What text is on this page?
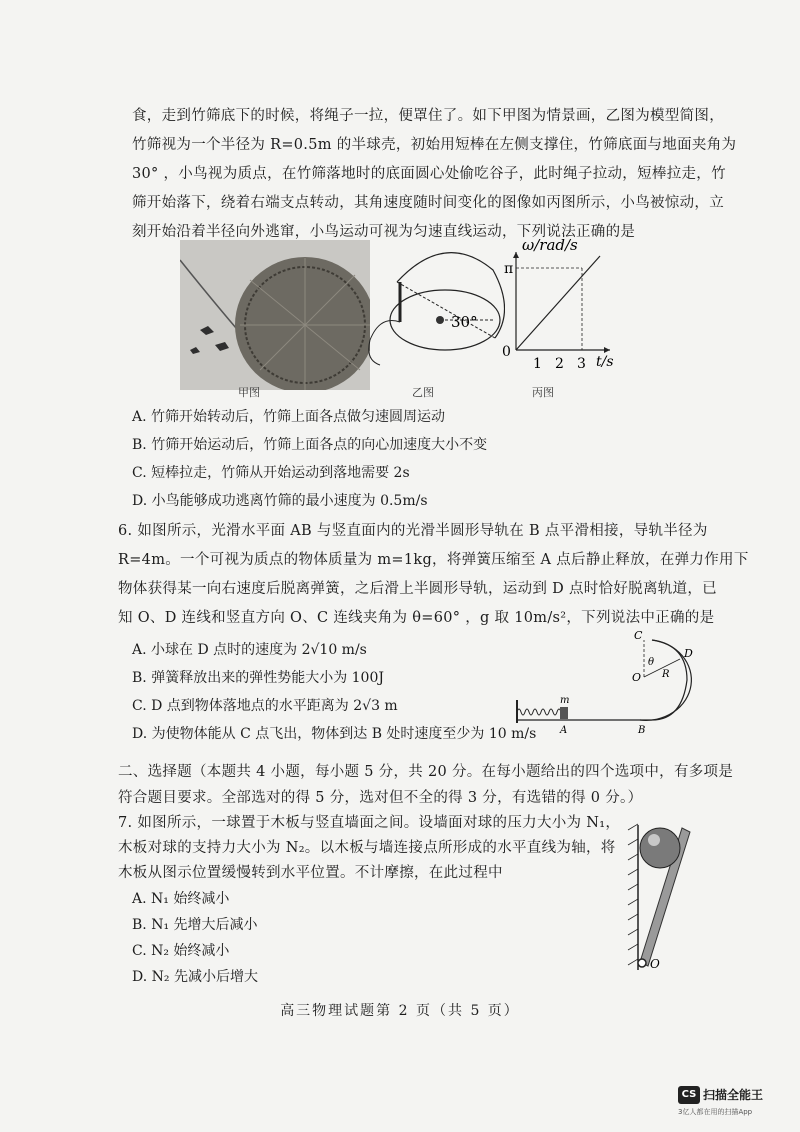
食，走到竹筛底下的时候，将绳子一拉，便罩住了。如下甲图为情景画，乙图为模型简图，
竹筛视为一个半径为 R=0.5m 的半球壳，初始用短棒在左侧支撑住，竹筛底面与地面夹角为
30° ，小鸟视为质点，在竹筛落地时的底面圆心处偷吃谷子，此时绳子拉动，短棒拉走，竹
筛开始落下，绕着右端支点转动，其角速度随时间变化的图像如丙图所示，小鸟被惊动，立
刻开始沿着半径向外逃窜，小鸟运动可视为匀速直线运动，下列说法正确的是
甲图
30°
乙图
ω/rad/s
π
0
1 2 3 t/s
丙图
A. 竹筛开始转动后，竹筛上面各点做匀速圆周运动
B. 竹筛开始运动后，竹筛上面各点的向心加速度大小不变
C. 短棒拉走，竹筛从开始运动到落地需要 2s
D. 小鸟能够成功逃离竹筛的最小速度为 0.5m/s
6. 如图所示，光滑水平面 AB 与竖直面内的光滑半圆形导轨在 B 点平滑相接，导轨半径为
R=4m。一个可视为质点的物体质量为 m=1kg，将弹簧压缩至 A 点后静止释放，在弹力作用下
物体获得某一向右速度后脱离弹簧，之后滑上半圆形导轨，运动到 D 点时恰好脱离轨道，已
知 O、D 连线和竖直方向 O、C 连线夹角为 θ=60° ，g 取 10m/s²，下列说法中正确的是
A. 小球在 D 点时的速度为 2√10 m/s
B. 弹簧释放出来的弹性势能大小为 100J
C. D 点到物体落地点的水平距离为 2√3 m
D. 为使物体能从 C 点飞出，物体到达 B 处时速度至少为 10 m/s
C
D
O
θ
R
m
A	B
二、选择题（本题共 4 小题，每小题 5 分，共 20 分。在每小题给出的四个选项中，有多项是
符合题目要求。全部选对的得 5 分，选对但不全的得 3 分，有选错的得 0 分。）
7. 如图所示，一球置于木板与竖直墙面之间。设墙面对球的压力大小为 N₁，
木板对球的支持力大小为 N₂。以木板与墙连接点所形成的水平直线为轴，将
木板从图示位置缓慢转到水平位置。不计摩擦，在此过程中
A. N₁ 始终减小
B. N₁ 先增大后减小
C. N₂ 始终减小
D. N₂ 先减小后增大
O
高三物理试题第 2 页（共 5 页）
CS 扫描全能王
3亿人都在用的扫描App
